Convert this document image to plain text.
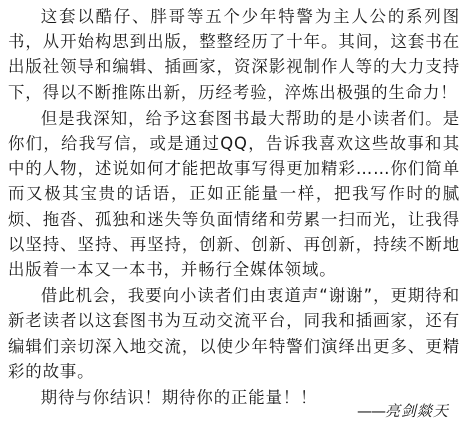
这套以酷仔、胖哥等五个少年特警为主人公的系列图书，从开始构思到出版，整整经历了十年。其间，这套书在出版社领导和编辑、插画家，资深影视制作人等的大力支持下，得以不断推陈出新，历经考验，淬炼出极强的生命力！

但是我深知，给予这套图书最大帮助的是小读者们。是你们，给我写信，或是通过QQ，告诉我喜欢这些故事和其中的人物，述说如何才能把故事写得更加精彩……你们简单而又极其宝贵的话语，正如正能量一样，把我写作时的腻烦、拖沓、孤独和迷失等负面情绪和劳累一扫而光，让我得以坚持、坚持、再坚持，创新、创新、再创新，持续不断地出版着一本又一本书，并畅行全媒体领域。

借此机会，我要向小读者们由衷道声“谢谢”，更期待和新老读者以这套图书为互动交流平台，同我和插画家，还有编辑们亲切深入地交流，以使少年特警们演绎出更多、更精彩的故事。

期待与你结识！期待你的正能量！！

——亮剑燚天
